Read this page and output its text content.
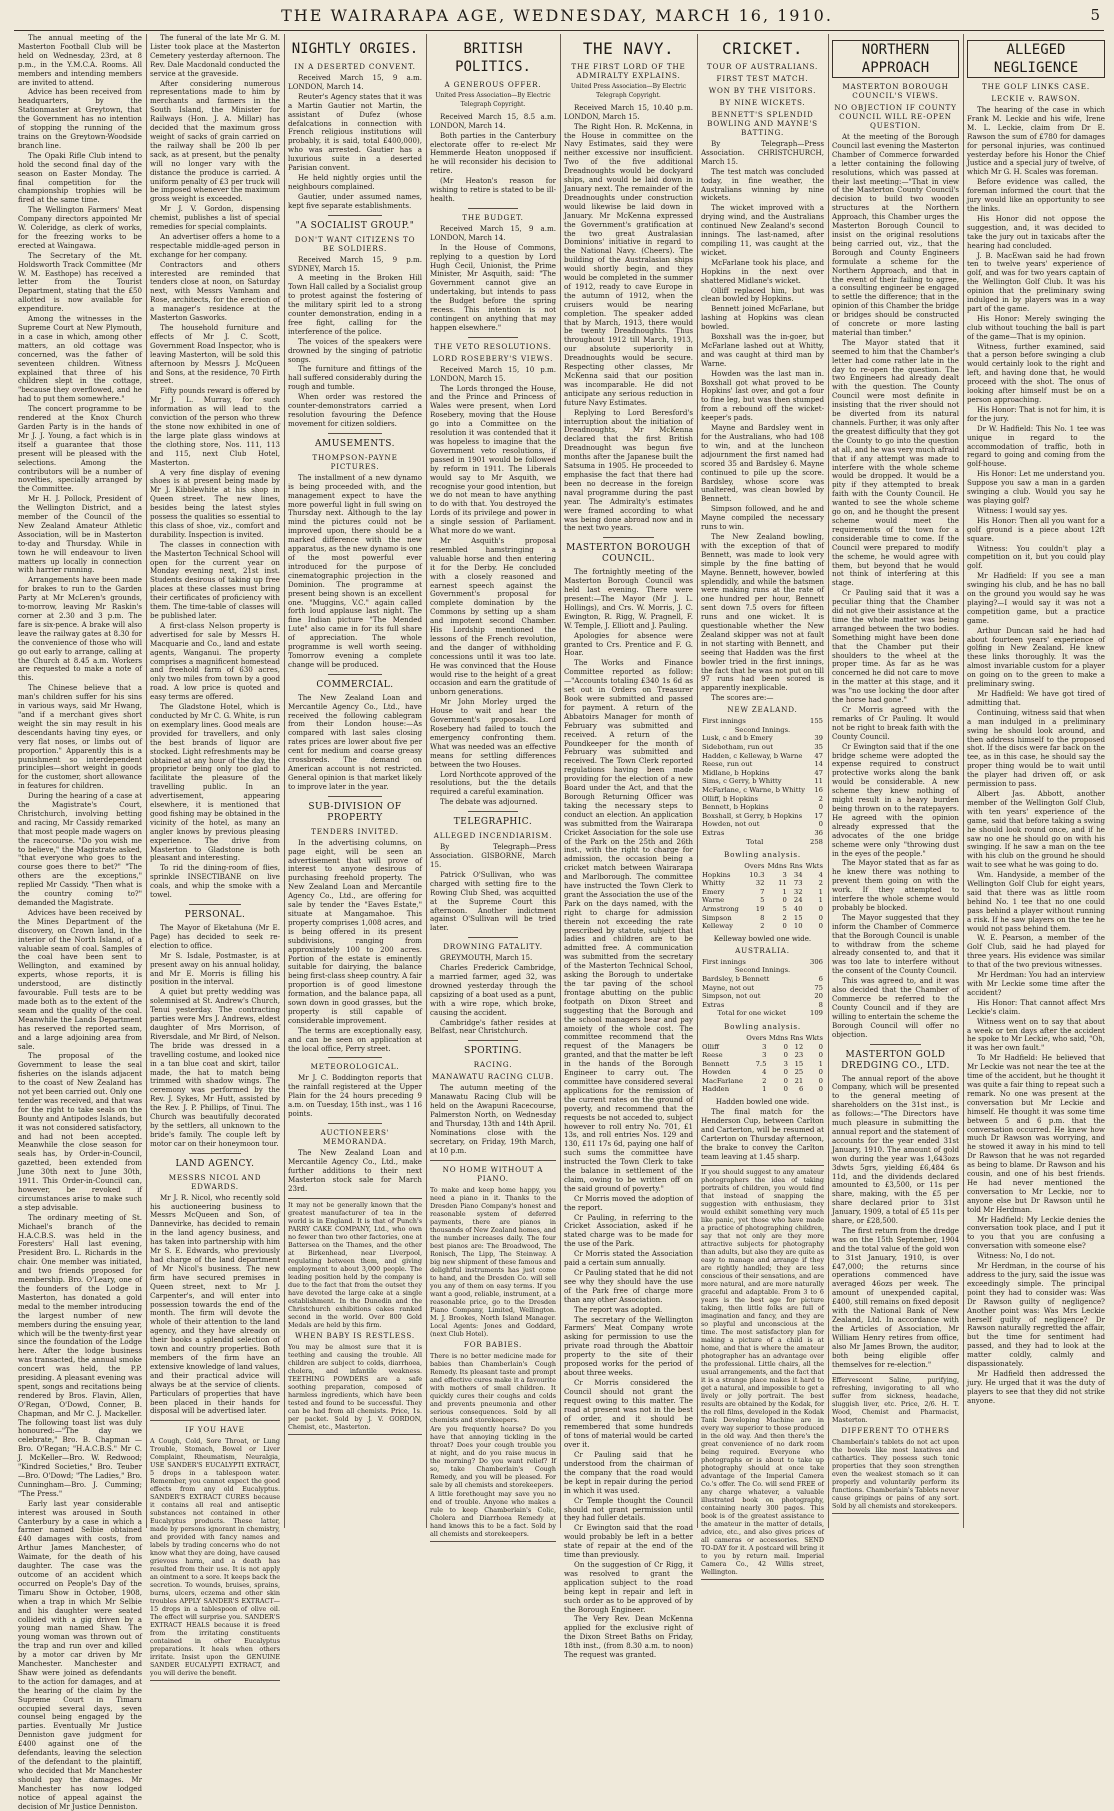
THE WAIRARAPA AGE, WEDNESDAY, MARCH 16, 1910.	5

The annual meeting of the Masterton Football Club will be held on Wednesday, 23rd, at 8 p.m., in the Y.M.C.A. Rooms. All members and intending members are invited to attend.

Advice has been received from headquarters, by the Stationmaster at Greytown, that the Government has no intention of stopping the running of the trains on the Greytown-Woodside branch line.

The Opaki Rifle Club intend to hold the second final day of the season on Easter Monday. The final competition for the championship trophies will be fired at the same time.

The Wellington Farmers' Meat Company directors appointed Mr W. Coleridge, as clerk of works, for the freezing works to be erected at Waingawa.

The Secretary of the Mt. Holdsworth Track Committee (Mr W. M. Easthope) has received a letter from the Tourist Department, stating that the £50 allotted is now available for expenditure.

Among the witnesses in the Supreme Court at New Plymouth, in a case in which, among other matters, an old cottage was concerned, was the father of seventeen children. Witness explained that three of his children slept in the cottage, "because they overflowed, and he had to put them somewhere."

The concert programme to be rendered at the Knox Church Garden Party is in the hands of Mr J. J. Young, a fact which is in itself a guarantee that those present will be pleased with the selections. Among the contributors will be a number of novelties, specially arranged by the Committee.

Mr H. J. Pollock, President of the Wellington District, and a member of the Council of the New Zealand Amateur Athletic Association, will be in Masterton to-day and Thursday. While in town he will endeavour to liven matters up locally in connection with harrier running.

Arrangements have been made for brakes to run to the Garden Party at Mr McLeren's grounds, to-morrow, leaving Mr Raskin's corner at 2.30 and 3 p.m. The fare is six-pence. A brake will also leave the railway gates at 8.30 for the convenience of those who will go out early to arrange, calling at the Church at 8.45 a.m. Workers are requested to make a note of this.

The Chinese believe that a man's children suffer for his sins in various ways, said Mr Hwang, "and if a merchant gives short weight the sin may result in his descendants having tiny eyes, or very flat noses, or limbs out of proportion." Apparently this is a punishment so interdependent principles—short weight in goods for the customer, short allowance in features for children.

During the hearing of a case at the Magistrate's Court, Christchurch, involving betting and racing, Mr Cassidy remarked that most people made wagers on the racecourse. "Do you wish me to believe," the Magistrate asked, "that everyone who goes to the course goes there to bet?" "The others are the exceptions," replied Mr Cassidy. "Then what is the country coming to?" demanded the Magistrate.

Advices have been received by the Mines Department of the discovery, on Crown land, in the interior of the North Island, of a valuable seam of coal. Samples of the coal have been sent to Wellington, and examined by experts, whose reports, it is understood, are distinctly favourable. Full tests are to be made both as to the extent of the seam and the quality of the coal. Meanwhile the Lands Department has reserved the reported seam, and a large adjoining area from sale.

The proposal of the Government to lease the seal fisheries on the islands adjacent to the coast of New Zealand has not yet been carried out. Only one tender was received, and that was for the right to take seals on the Bounty and Antipodes Islands, but it was not considered satisfactory, and had not been accepted. Meanwhile the close season for seals has, by Order-in-Council, gazetted, been extended from June 30th next to June 30th, 1911. This Order-in-Council can, however, be revoked if circumstances arise to make such a step advisable.

The ordinary meeting of St. Michael's branch of the H.A.C.B.S. was held in the Foresters' Hall last evening, President Bro. L. Richards in the chair. One member was initiated, and two friends proposed for membership. Bro. O'Leary, one of the founders of the Lodge in Masterton, has donated a gold medal to the member introducing the largest number of new members during the ensuing year, which will be the twenty-first year since the foundation of the Lodge here. After the lodge business was transacted, the annual smoke concert was held, the P.P. presiding. A pleasant evening was spent, songs and recitations being rendered by Bros. Flavin, Allen, O'Regan, O'Dowd, Conner, B. Chapman, and Mr C. J. Mackeller. The following toast list was duly honoured:—"The day we celebrate," Bro. B. Chapman —Bro. O'Regan; "H.A.C.B.S." Mr C. J. McKeller—Bro. W. Redwood; "Kindred Societies," Bro. Teuber —Bro. O'Dowd; "The Ladies," Bro. Cunningham—Bro. J. Cumming; "The Press."

Early last year considerable interest was aroused in South Canterbury by a case in which a farmer named Selbie obtained £40 damages with costs, from Arthur James Manchester, of Waimate, for the death of his daughter. The case was the outcome of an accident which occurred on People's Day of the Timaru Show in October, 1908, when a trap in which Mr Selbie and his daughter were seated collided with a gig driven by a young man named Shaw. The young woman was thrown out of the trap and run over and killed by a motor car driven by Mr Manchester. Manchester and Shaw were joined as defendants to the action for damages, and at the hearing of the claim by the Supreme Court in Timaru occupied several days, seven counsel being engaged by the parties. Eventually Mr Justice Denniston gave judgment for £400 against one of the defendants, leaving the selection of the defendant to the plaintiff, who decided that Mr Manchester should pay the damages. Mr Manchester has now lodged notice of appeal against the decision of Mr Justice Denniston.

The funeral of the late Mr G. M. Lister took place at the Masterton Cemetery yesterday afternoon. The Rev. Dale Macdonald conducted the service at the graveside.

After considering numerous representations made to him by merchants and farmers in the South Island, the Minister for Railways (Hon. J. A. Millar) has decided that the maximum gross weight of sacks of grain carried on the railway shall be 200 lb per sack, as at present, but the penalty will no longer vary with the distance the produce is carried. A uniform penalty of £3 per truck will be imposed whenever the maximum gross weight is exceeded.

Mr J. V. Gordon, dispensing chemist, publishes a list of special remedies for special complaints.

An advertiser offers a home to a respectable middle-aged person in exchange for her company.

Contractors and others interested are reminded that tenders close at noon, on Saturday next, with Messrs Vamham and Rose, architects, for the erection of a manager's residence at the Masterton Gasworks.

The household furniture and effects of Mr J. C. Scott, Government Road Inspector, who is leaving Masterton, will be sold this afternoon by Messrs J. McQueen and Sons, at the residence, 70 Firth street.

Fifty pounds reward is offered by Mr J. L. Murray, for such information as will lead to the conviction of the person who threw the stone now exhibited in one of the large plate glass windows at the clothing store, Nos. 111, 113 and 115, next Club Hotel, Masterton.

A very fine display of evening shoes is at present being made by Mr J. Kibblewhite at his shop in Queen street. The new lines, besides being the latest styles possess the qualities so essential to this class of shoe, viz., comfort and durability. Inspection is invited.

The classes in connection with the Masterton Technical School will open for the current year on Monday evening next, 21st inst. Students desirous of taking up free places at these classes must bring their certificates of proficiency with them. The time-table of classes will be published later.

A first-class Nelson property is advertised for sale by Messrs H. Macquarie and Co., land and estate agents, Wanganui. The property comprises a magnificent homestead and freehold farm of 630 acres, only two miles from town by a good road. A low price is quoted and easy terms are offered.

The Gladstone Hotel, which is conducted by Mr C. G. White, is run on exemplary lines. Good meals are provided for travellers, and only the best brands of liquor are stocked. Light refreshments may be obtained at any hour of the day, the proprietor being only too glad to facilitate the pleasure of the travelling public. In an advertisement, appearing elsewhere, it is mentioned that good fishing may be obtained in the vicinity of the hotel, as many an angler knows by previous pleasing experience. The drive from Masterton to Gladstone is both pleasant and interesting.

To rid the dining-room of flies, sprinkle INSECTIBANE on live coals, and whip the smoke with a towel.

PERSONAL.

The Mayor of Eketahuna (Mr E. Page) has decided to seek re-election to office.

Mr S. Isdale, Postmaster, is at present away on his annual holiday, and Mr E. Morris is filling his position in the interval.

A quiet but pretty wedding was solemnised at St. Andrew's Church, Tenui yesterday. The contracting parties were Mrs J. Andrews, eldest daughter of Mrs Morrison, of Riversdale, and Mr Bird, of Nelson. The bride was dressed in a travelling costume, and looked nice in a tan blue coat and skirt, tailor made, the hat to match being trimmed with shadow wings. The ceremony was performed by the Rev. J. Sykes, Mr Hutt, assisted by the Rev. J. P. Phillips, of Tinui. The Church was beautifully decorated by the settlers, all unknown to the bride's family. The couple left by motor car on their honeymoon tour.

LAND AGENCY.
MESSRS NICOL AND EDWARDS.

Mr J. R. Nicol, who recently sold his auctioneering business to Messrs McQueen and Son, of Dannevirke, has decided to remain in the land agency business, and has taken into partnership with him Mr S. E. Edwards, who previously had charge of the land department of Mr Nicol's business. The new firm have secured premises in Queen street, next to Mr J. Carpenter's, and will enter into possession towards the end of the month. The firm will devote the whole of their attention to the land agency, and they have already on their books a splendid selection of town and country properties. Both members of the firm have an extensive knowledge of land values, and their practical advice will always be at the service of clients. Particulars of properties that have been placed in their hands for disposal will be advertised later.

IF YOU HAVE

A Cough, Cold, Sore Throat, or Lung Trouble, Stomach, Bowel or Liver Complaint, Rheumatism, Neuralgia, USE SANDER'S EUCALYPTI EXTRACT, 5 drops in a tablespoon water. Remember, you cannot expect the good effects from any old Eucalyptus. SANDER'S EXTRACT CURES because it contains all real and antiseptic substances not contained in other Eucalyptus products. These latter, made by persons ignorant in chemistry, and provided with fancy names and labels by trading concerns who do not know what they are doing, have caused grievous harm, and a death has resulted from their use. It is not apply an ointment to a sore. It keeps back the secretion. To wounds, bruises, sprains, burns, ulcers, eczema and other skin troubles APPLY SANDER'S EXTRACT—15 drops in a tablespoon of olive oil. The effect will surprise you. SANDER'S EXTRACT HEALS because it is freed from the irritating constituents contained in other Eucalyptus preparations. It heals when others irritate. Insist upon the GENUINE SANDER EUCALYPTI EXTRACT, and you will derive the benefit.

NIGHTLY ORGIES.
IN A DESERTED CONVENT.

Received March 15, 9 a.m. LONDON, March 14.

Reuter's Agency states that it was a Martin Gautier not Martin, the assistant of Dufez (whose defalcations in connection with French religious institutions will probably, it is said, total £400,000), who was arrested. Gautier has a luxurious suite in a deserted Parisian convent.

He held nightly orgies until the neighbours complained.

Gautier, under assumed names, kept five separate establishments.

"A SOCIALIST GROUP."
DON'T WANT CITIZENS TO BE SOLDIERS.

Received March 15, 9 p.m. SYDNEY, March 15.

A meeting in the Broken Hill Town Hall called by a Socialist group to protest against the fostering of the military spirit led to a strong counter demonstration, ending in a free fight, calling for the interference of the police.

The voices of the speakers were drowned by the singing of patriotic songs.

The furniture and fittings of the hall suffered considerably during the rough and tumble.

When order was restored the counter-demonstrators carried a resolution favouring the Defence movement for citizen soldiers.

AMUSEMENTS.
THOMPSON-PAYNE PICTURES.

The installment of a new dynamo is being proceeded with, and the management expect to have the more powerful light in full swing on Thursday next. Although to the lay mind the pictures could not be improved upon, there should be a marked difference with the new apparatus, as the new dynamo is one of the most powerful ever introduced for the purpose of cinematographic projection in the Dominion. The programme at present being shown is an excellent one. "Muggins, V.C." again called forth loud applause last night. The fine Indian picture "The Mended Lute" also came in for its full share of appreciation. The whole programme is well worth seeing. Tomorrow evening a complete change will be produced.

COMMERCIAL.

The New Zealand Loan and Mercantile Agency Co., Ltd., have received the following cablegram from their London house:—As compared with last sales closing rates prices are lower about five per cent for medium and coarse greasy crossbreds. The demand on American account is not restricted. General opinion is that market likely to improve later in the year.

SUB-DIVISION OF PROPERTY
TENDERS INVITED.

In the advertising columns, on page eight, will be seen an advertisement that will prove of interest to anyone desirous of purchasing freehold property. The New Zealand Loan and Mercantile Agency Co., Ltd., are offering for sale by tender the "Eaves Estate," situate at Mangamahoe. This property comprises 1,008 acres, and is being offered in its present subdivisions, ranging from approximately 100 to 200 acres. Portion of the estate is eminently suitable for dairying, the balance being first-class sheep country. A fair proportion is of good limestone formation, and the balance papa, all sown down in good grasses, but the property is still capable of considerable improvement.

The terms are exceptionally easy, and can be seen on application at the local office, Perry street.

METEOROLOGICAL.

Mr J. C. Boddington reports that the rainfall registered at the Upper Plain for the 24 hours preceding 9 a.m. on Tuesday, 15th inst., was 1 16 points.

AUCTIONEERS' MEMORANDA.

The New Zealand Loan and Mercantile Agency Co., Ltd., make further additions to their next Masterton stock sale for March 23rd.

It may not be generally known that the greatest manufacturer of tea in the world is in England. It is that of Punch's PARRY CAKE COMPANY, Ltd., who own no fewer than two other factories, one at Battersea on the Thames, and the other at Birkenhead, near Liverpool, regulating between them, and giving employment to about 3,000 people. The leading position held by the company is due to the fact that from the outset they have devoted the large cake at a single establishment. In the Dunedin and the Christchurch exhibitions cakes ranked second in the world. Over 800 Gold Medals are held by this firm.

WHEN BABY IS RESTLESS.

You may be almost sure that it is teething and causing the trouble. All children are subject to colds, diarrhoea, cholera, and infantile weakness. TEETHING POWDERS are a safe soothing preparation, composed of harmless ingredients, which have been tested and found to be successful. They can be had from all chemists. Price, 1s. per packet. Sold by J. V. GORDON, Chemist, etc., Masterton.

BRITISH POLITICS.
A GENEROUS OFFER.

United Press Association—By Electric Telegraph Copyright.

Received March 15, 8.5 a.m. LONDON, March 14.

Both parties in the Canterbury electorate offer to re-elect Mr Hemmerde Heaton unopposed if he will reconsider his decision to retire.

(Mr Heaton's reason for wishing to retire is stated to be ill-health.

THE BUDGET.

Received March 15, 9 a.m. LONDON, March 14.

In the House of Commons, replying to a question by Lord Hugh Cecil, Unionist, the Prime Minister, Mr Asquith, said: "The Government cannot give an undertaking, but intends to pass the Budget before the spring recess. This intention is not contingent on anything that may happen elsewhere."

THE VETO RESOLUTIONS.
LORD ROSEBERY'S VIEWS.

Received March 15, 10 p.m. LONDON, March 15.

The Lords thronged the House, and the Prince and Princess of Wales were present, when Lord Rosebery, moving that the House go into a Committee on the resolution it was contended that it was hopeless to imagine that the Government veto resolutions, if passed in 1901 would be followed by reform in 1911. The Liberals would say to Mr Asquith, we recognise your good intention, but we do not mean to have anything to do with that. You destroyed the Lords of its privilege and power in a single session of Parliament. What more do we want.

Mr Asquith's proposal resembled hamstringing a valuable horse and then entering it for the Derby. He concluded with a closely reasoned and earnest speech against the Government's proposal for complete domination by the Commons by setting up a sham and impotent second Chamber. His Lordship mentioned the lessons of the French revolution, and the danger of withholding concessions until it was too late. He was convinced that the House would rise to the height of a great occasion and earn the gratitude of unborn generations.

Mr John Morley urged the House to wait and hear the Government's proposals. Lord Rosebery had failed to touch the emergency confronting them. What was needed was an effective means for settling differences between the two Houses.

Lord Northcote approved of the resolutions, but the the details required a careful examination.

The debate was adjourned.

TELEGRAPHIC.
ALLEGED INCENDIARISM.

By Telegraph—Press Association. GISBORNE, March 15.

Patrick O'Sullivan, who was charged with setting fire to the Rowing Club Shed, was acquitted at the Supreme Court this afternoon. Another indictment against O'Sullivan will be tried later.

DROWNING FATALITY.

GREYMOUTH, March 15.

Charles Frederick Cambridge, a married farmer, aged 32, was drowned yesterday through the capsizing of a boat used as a punt, with a wire rope, which broke, causing the accident.

Cambridge's father resides at Belfast, near Christchurch.

SPORTING.
RACING.
MANAWATU RACING CLUB.

The autumn meeting of the Manawatu Racing Club will be held on the Awapuni Racecourse, Palmerston North, on Wednesday and Thursday, 13th and 14th April. Nominations close with the secretary, on Friday, 19th March, at 10 p.m.

NO HOME WITHOUT A PIANO.

To make and keep home happy, you need a piano in it. Thanks to the Dresden Piano Company's honest and reasonable system of deferred payments, there are pianos in thousands of New Zealand homes, and the number increases daily. The four best pianos are: The Broadwood, The Ronisch, The Lipp, The Steinway. A big new shipment of these famous and delightful instruments has just come to hand, and the Dresden Co. will sell you any of them on easy terms. If you want a good, reliable, instrument, at a reasonable price, go to the Dresden Piano Company, Limited, Wellington. M. J. Brookes, North Island Manager. Local Agents: Jones and Goddard, (next Club Hotel).

FOR BABIES.

There is no better medicine made for babies than Chamberlain's Cough Remedy. Its pleasant taste and prompt and effective cures make it a favourite with mothers of small children. It quickly cures their coughs and colds and prevents pneumonia and other serious consequences. Sold by all chemists and storekeepers.

Are you frequently hoarse? Do you have that annoying tickling in the throat? Does your cough trouble you at night, and do you raise mucus in the morning? Do you want relief? If so, take Chamberlain's Cough Remedy, and you will be pleased. For sale by all chemists and storekeepers.

A little forethought may save you no end of trouble. Anyone who makes a rule to keep Chamberlain's Colic, Cholera and Diarrhoea Remedy at hand knows this to be a fact. Sold by all chemists and storekeepers.

THE NAVY.
THE FIRST LORD OF THE ADMIRALTY EXPLAINS.

United Press Association—By Electric Telegraph Copyright.

Received March 15, 10.40 p.m. LONDON, March 15.

The Right Hon. R. McKenna, in the House in committee on the Navy Estimates, said they were neither excessive nor insufficient. Two of the five additional Dreadnoughts would be dockyard ships, and would be laid down in January next. The remainder of the Dreadnoughts under construction would likewise be laid down in January. Mr McKenna expressed the Government's gratification at the two great Australasian Dominions' initiative in regard to the National Navy. (Cheers). The building of the Australasian ships would shortly begin, and they would be completed in the summer of 1912, ready to cave Europe in the autumn of 1912, when the cruisers would be nearing completion. The speaker added that by March, 1913, there would be twenty Dreadnoughts. Thus throughout 1912 till March, 1913, our absolute superiority in Dreadnoughts would be secure. Respecting other classes, Mr McKenna said that our position was incomparable. He did not anticipate any serious reduction in future Navy Estimates.

Replying to Lord Beresford's interruption about the initiation of Dreadnoughts, Mr McKenna declared that the first British Dreadnought was begun five months after the Japanese built the Satsuma in 1905. He proceeded to emphasise the fact that there had been no decrease in the foreign naval programme during the past year. The Admiralty's estimates were framed according to what was being done abroad now and in the next two years.

MASTERTON BOROUGH COUNCIL.

The fortnightly meeting of the Masterton Borough Council was held last evening. There were present:—The Mayor (Mr J. L. Hollings), and Crs. W. Morris, J. C. Ewington, R. Rigg, W. Pragnell, F. W. Temple, J. Elliott and J. Pauling.

Apologies for absence were granted to Crs. Prentice and F. G. Hoar.

The Works and Finance Committee reported as follow:—"Accounts totaling £340 1s 6d as set out in Orders on Treasurer Book were submitted and passed for payment. A return of the Abbatoirs Manager for month of February was submitted and received. A return of the Poundkeeper for the month of February was submitted and received. The Town Clerk reported regulations having been made providing for the election of a new Board under the Act, and that the Borough Returning Officer was taking the necessary steps to conduct an election. An application was submitted from the Wairarapa Cricket Association for the sole use of the Park on the 25th and 26th inst., with the right to charge for admission, the occasion being a cricket match between Wairarapa and Marlborough. The committee have instructed the Town Clerk to grant the Association the use of the Park on the days named, with the right to charge for admission therein not exceeding the rate prescribed by statute, subject that ladies and children are to be admitted free. A communication was submitted from the secretary of the Masterton Technical School, asking the Borough to undertake the tar paving of the school frontage abutting on the public footpath on Dixon Street and suggesting that the Borough and the school managers bear and pay amoiety of the whole cost. The committee recommend that the request of the Managers be granted, and that the matter be left in the hands of the Borough Engineer to carry out. The committee have considered several applications for the remission of the current rates on the ground of poverty, and recommend that the requests be not acceded to, subject however to roll entry No. 701, £1 13s, and roll entries Nos. 129 and 130, £11 17s 6d, paying one half of such sums the committee have instructed the Town Clerk to take the balance in settlement of the claim, owing to be written off on the said ground of poverty."

Cr Morris moved the adoption of the report.

Cr Pauling, in referring to the Cricket Association, asked if he stated charge was to be made for the use of the Park.

Cr Morris stated the Association paid a certain sum annually.

Cr Pauling stated that he did not see why they should have the use of the Park free of charge more than any other Association.

The report was adopted.

The secretary of the Wellington Farmers' Meat Company wrote asking for permission to use the private road through the Abattoir property to the site of their proposed works for the period of about three weeks.

Cr Morris considered the Council should not grant the request owing to this matter. The road at present was not in the best of order, and it should be remembered that some hundreds of tons of material would be carted over it.

Cr Pauling said that he understood from the chairman of the company that the road would be kept in repair during the period in which it was used.

Cr Temple thought the Council should not grant permission until they had fuller details.

Cr Ewington said that the road would probably be left in a better state of repair at the end of the time than previously.

On the suggestion of Cr Rigg, it was resolved to grant the application subject to the road being kept in repair and left in such order as to be approved of by the Borough Engineer.

The Very Rev. Dean McKenna applied for the exclusive right of the Dixon Street Baths on Friday, 18th inst., (from 8.30 a.m. to noon) The request was granted.

CRICKET.
TOUR OF AUSTRALIANS.
FIRST TEST MATCH.
WON BY THE VISITORS.
BY NINE WICKETS.
BENNETT'S SPLENDID BOWLING AND MAYNE'S BATTING.

By Telegraph—Press Association. CHRISTCHURCH, March 15.

The test match was concluded today, in fine weather, the Australians winning by nine wickets.

The wicket improved with a drying wind, and the Australians continued New Zealand's second innings. The last-named, after compiling 11, was caught at the wicket.

McFarlane took his place, and Hopkins in the next over shattered Midlane's wicket.

Olliff replaced him, but was clean bowled by Hopkins.

Bennett joined McFarlane, but lashing at Hopkins was clean bowled.

Boxshall was the in-goer, but McFarlane lashed out at Whitty, and was caught at third man by Warne.

Howden was the last man in. Boxshall got what proved to be Hopkins' last over, and got a four to fine leg, but was then stumped from a rebound off the wicket-keeper's pads.

Mayne and Bardsley went in for the Australians, who had 108 to win, and at the luncheon adjournment the first named had scored 35 and Bardsley 6. Mayne continued to pile up the score. Bardsley, whose score was unaltered, was clean bowled by Bennett.

Simpson followed, and he and Mayne compiled the necessary runs to win.

The New Zealand bowling, with the exception of that of Bennett, was made to look very simple by the fine batting of Mayne. Bennett, however, bowled splendidly, and while the batsmen were making runs at the rate of one hundred per hour, Bennett sent down 7.5 overs for fifteen runs and one wicket. It is questionable whether the New Zealand skipper was not at fault in not starting with Bennett, and seeing that Hadden was the first bowler tried in the first innings, the fact that he was not put on till 97 runs had been scored is apparently inexplicable.

The scores are:—

NEW ZEALAND.
First innings	155
Second Innings.	
Lusk, c and b Emery	39
Sidebotham, run out	35
Hadden, c Kelleway, b Warne	47
Reese, run out	14
Midlane, b Hopkins	47
Sims, c Gerry, b Whitty	11
McFarlane, c Warne, b Whitty	16
Olliff, b Hopkins	2
Bennett, b Hopkins	0
Boxshall, st Gerry, b Hopkins	17
Howden, not out	0
Extras	36
Total	258
Bowling analysis.
	Overs	Mdns	Rns	Wkts
Hopkins	10.3	3	34	4
Whitty	32	11	73	2
Emery	7	1	32	1
Warne	5	0	24	1
Armstrong	19	5	40	0
Simpson	8	2	15	0
Kelleway	2	0	10	0

Kelleway bowled one wide.

AUSTRALIA.
First innings	306
Second Innings.	
Bardsley, b Bennett	6
Mayne, not out	75
Simpson, not out	20
Extras	8
Total for one wicket	109
Bowling analysis.
	Overs	Mdns	Rns	Wkts
Olliff	3	0	12	0
Reese	3	0	23	0
Bennett	7.5	3	15	1
Howden	4	0	25	0
MacFarlane	2	0	21	0
Hadden	1	0	6	0

Hadden bowled one wide.

The final match for the Henderson Cup, between Carlton and Carterton, will be resumed at Carterton on Thursday afternoon, the brake to convey the Carlton team leaving at 1.45 sharp.

If you should suggest to any amateur photographers the idea of taking portraits of children, you would find that instead of snapping the suggestion with enthusiasm, they would exhibit something very much like panic, yet those who have made a practice of photographing children, say that not only are they more attractive subjects for photography than adults, but also they are quite as easy to manage and arrange if they are rightly handled; they are less conscious of their sensations, and are more natural, and are more naturally graceful and adaptable. From 3 to 6 years is the best age for picture taking, then little folks are full of imagination and fancy, and they are so playful and unconscious at the time. The most satisfactory plan for making a picture of a child is at home, and that is where the amateur photographer has an advantage over the professional. Little chairs, all the usual arrangements, and the fact that it is a strange place makes it hard to get a natural, and impossible to get a lively or jolly portrait. The best results are obtained by the Kodak, for the roll films, developed in the Kodak Tank Developing Machine are in every way superior to those produced in the old way. And then there's the great convenience of no dark room being required. Everyone who photographs or is about to take up photography should at once take advantage of the Imperial Camera Co.'s offer. The Co. will send FREE of any charge whatever, a valuable illustrated book on photography, containing nearly 300 pages. This book is of the greatest assistance to the amateur in the matter of details, advice, etc., and also gives prices of all cameras or accessories. SEND TO-DAY for it. A postcard will bring it to you by return mail. Imperial Camera Co., 42 Willis street, Wellington.

NORTHERN APPROACH
MASTERTON BOROUGH COUNCIL'S VIEWS.
NO OBJECTION IF COUNTY COUNCIL WILL RE-OPEN QUESTION.

At the meeting of the Borough Council last evening the Masterton Chamber of Commerce forwarded a letter containing the following resolutions, which was passed at their last meeting:—"That in view of the Masterton County Council's decision to build two wooden structures at the Northern Approach, this Chamber urges the Masterton Borough Council to insist on the original resolutions being carried out, viz., that the Borough and County Engineers formulate a scheme for the Northern Approach, and that in the event of their failing to agree, a consulting engineer be engaged to settle the difference; that in the opinion of this Chamber the bridge or bridges should be constructed of concrete or more lasting material than timber."

The Mayor stated that it seemed to him that the Chamber's letter had come rather late in the day to re-open the question. The two Engineers had already dealt with the question. The County Council were most definite in insisting that the river should not be diverted from its natural channels. Further, it was only after the greatest difficulty that they got the County to go into the question at all, and he was very much afraid that if any attempt was made to interfere with the whole scheme would be dropped. It would be a pity if they attempted to break faith with the County Council. He wanted to see the whole scheme go on, and he thought the present scheme would meet the requirements of the town for a considerable time to come. If the Council were prepared to modify the scheme, he would agree with them, but beyond that he would not think of interfering at this stage.

Cr Pauling said that it was a peculiar thing that the Chamber did not give their assistance at the time the whole matter was being arranged between the two bodies. Something might have been done that the Chamber put their shoulders to the wheel at the proper time. As far as he was concerned he did not care to move in the matter at this stage, and it was "no use locking the door after the horse had gone."

Cr Morris agreed with the remarks of Cr Pauling. It would not be right to break faith with the County Council.

Cr Ewington said that if the one bridge scheme were adopted the expense required to construct protective works along the bank would be considerable. A new scheme they knew nothing of might result in a heavy burden being thrown on to the ratepayers. He agreed with the opinion already expressed that the advocates of the one bridge scheme were only "throwing dust in the eyes of the people."

The Mayor stated that as far as he knew there was nothing to prevent them going on with the work. If they attempted to interfere the whole scheme would probably be blocked.

The Mayor suggested that they inform the Chamber of Commerce that the Borough Council is unable to withdraw from the scheme already consented to, and that it was too late to interfere without the consent of the County Council.

This was agreed to, and it was also decided that the Chamber of Commerce be referred to the County Council and if they are willing to entertain the scheme the Borough Council will offer no objection.

MASTERTON GOLD DREDGING CO., LTD.

The annual report of the above Company, which will be presented to the general meeting of shareholders on the 31st inst., is as follows:—"The Directors have much pleasure in submitting the annual report and the statement of accounts for the year ended 31st January, 1910. The amount of gold won during the year was 1,643ozs 3dwts 5grs, yielding £6,484 6s 11d, and the dividends declared amounted to £3,500, or 11s per share, making, with the £5 per share declared prior to 31st January, 1909, a total of £5 11s per share, or £28,500.

The first return from the dredge was on the 15th September, 1904 and the total value of the gold won to 31st January, 1910, is over £47,000; the returns since operations commenced have averaged 46ozs per week. The amount of unexpended capital, £400, still remains on fixed deposit with the National Bank of New Zealand, Ltd. In accordance with the Articles of Association, Mr William Henry retires from office, also Mr James Brown, the auditor, both being eligible offer themselves for re-election."

Effervescent Saline, purifying, refreshing, invigorating to all who suffer from sickness, headache, sluggish liver, etc. Price, 2/6. H. T. Wood, Chemist and Pharmacist, Masterton.

DIFFERENT TO OTHERS

Chamberlain's tablets do not act upon the bowels like most laxatives and cathartics. They possess such tonic properties that they soon strengthen even the weakest stomach so it can properly and voluntarily perform its functions. Chamberlain's Tablets never cause gripings or pains of any sort. Sold by all chemists and storekeepers.

ALLEGED NEGLIGENCE
THE GOLF LINKS CASE.
LECKIE v. RAWSON.

The hearing of the case in which Frank M. Leckie and his wife, Irene M. L. Leckie, claim from Dr E. Rawson the sum of £780 for damages for personal injuries, was continued yesterday before his Honor the Chief Justice and a special jury of twelve, of which Mr G. H. Scales was foreman.

Before evidence was called, the foreman informed the court that the jury would like an opportunity to see the links.

His Honor did not oppose the suggestion, and, it was decided to take the jury out in taxicabs after the hearing had concluded.

J. B. MacEwan said he had frown ten to twelve years' experience of golf, and was for two years captain of the Wellington Golf Club. It was his opinion that the preliminary swing indulged in by players was in a way part of the game.

His Honor: Merely swinging the club without touching the ball is part of the game—That is my opinion.

Witness, further examined, said that a person before swinging a club would certainly look to the right and left, and having done that, he would proceed with the shot. The onus of looking after himself must be on a person approaching.

His Honor: That is not for him, it is for the jury.

Dr W. Hadfield: This No. 1 tee was unique in regard to the accommodation of traffic, both in regard to going and coming from the golf-house.

His Honor: Let me understand you. Suppose you saw a man in a garden swinging a club. Would you say he was playing golf?

Witness: I would say yes.

His Honor: Then all you want for a golf ground is a piece about 12ft square.

Witness: You couldn't play a competition on it, but you could play golf.

Mr Hadfield: If you see a man swinging his club, and he has no ball on the ground you would say he was playing?—I would say it was not a competition game, but a practice game.

Arthur Duncan said he had had about fourteen years' experience of golfing in New Zealand. He knew these links thoroughly. It was the almost invariable custom for a player on going on to the green to make a preliminary swing.

Mr Hadfield: We have got tired of admitting that.

Continuing, witness said that when a man indulged in a preliminary swing he should look around, and then address himself to the proposed shot. If the discs were far back on the tee, as in this case, he should say the proper thing would be to wait until the player had driven off, or ask permission to pass.

Albert Jas. Abbott, another member of the Wellington Golf Club, with ten years' experience of the game, said that before taking a swing he should look round once, and if he saw no one he should go on with his swinging. If he saw a man on the tee with his club on the ground he should wait to see what he was going to do.

Wm. Handyside, a member of the Wellington Golf Club for eight years, said that there was as little room behind No. 1 tee that no one could pass behind a player without running a risk. If he saw players on the tee he would not pass behind them.

W. E. Pearson, a member of the Golf Club, said he had played for three years. His evidence was similar to that of the two previous witnesses.

Mr Herdman: You had an interview with Mr Leckie some time after the accident?

His Honor: That cannot affect Mrs Leckie's claim.

Witness went on to say that about a week or ten days after the accident he spoke to Mr Leckie, who said, "Oh, it was her own fault."

To Mr Hadfield: He believed that Mr Leckie was not near the tee at the time of the accident, but he thought it was quite a fair thing to repeat such a remark. No one was present at the conversation but Mr Leckie and himself. He thought it was some time between 5 and 6 p.m. that the conversation occurred. He knew how much Dr Rawson was worrying, and he stowed it away in his mind to tell Dr Rawson that he was not regarded as being to blame. Dr Rawson and his cousin, and one of his best friends. He had never mentioned the conversation to Mr Leckie, nor to anyone else but Dr Rawson until he told Mr Herdman.

Mr Hadfield: My Leckie denies the conversation took place, and I put it to you that you are confusing a conversation with someone else?

Witness: No, I do not.

Mr Herdman, in the course of his address to the jury, said the issue was exceedingly simple. The principal point they had to consider was: Was Dr Rawson guilty of negligence? Another point was: Was Mrs Leckie herself guilty of negligence? Dr Rawson naturally regretted the affair, but the time for sentiment had passed, and they had to look at the matter coldly, calmly and dispassionately.

Mr Hadfield then addressed the jury. He urged that it was the duty of players to see that they did not strike anyone.
